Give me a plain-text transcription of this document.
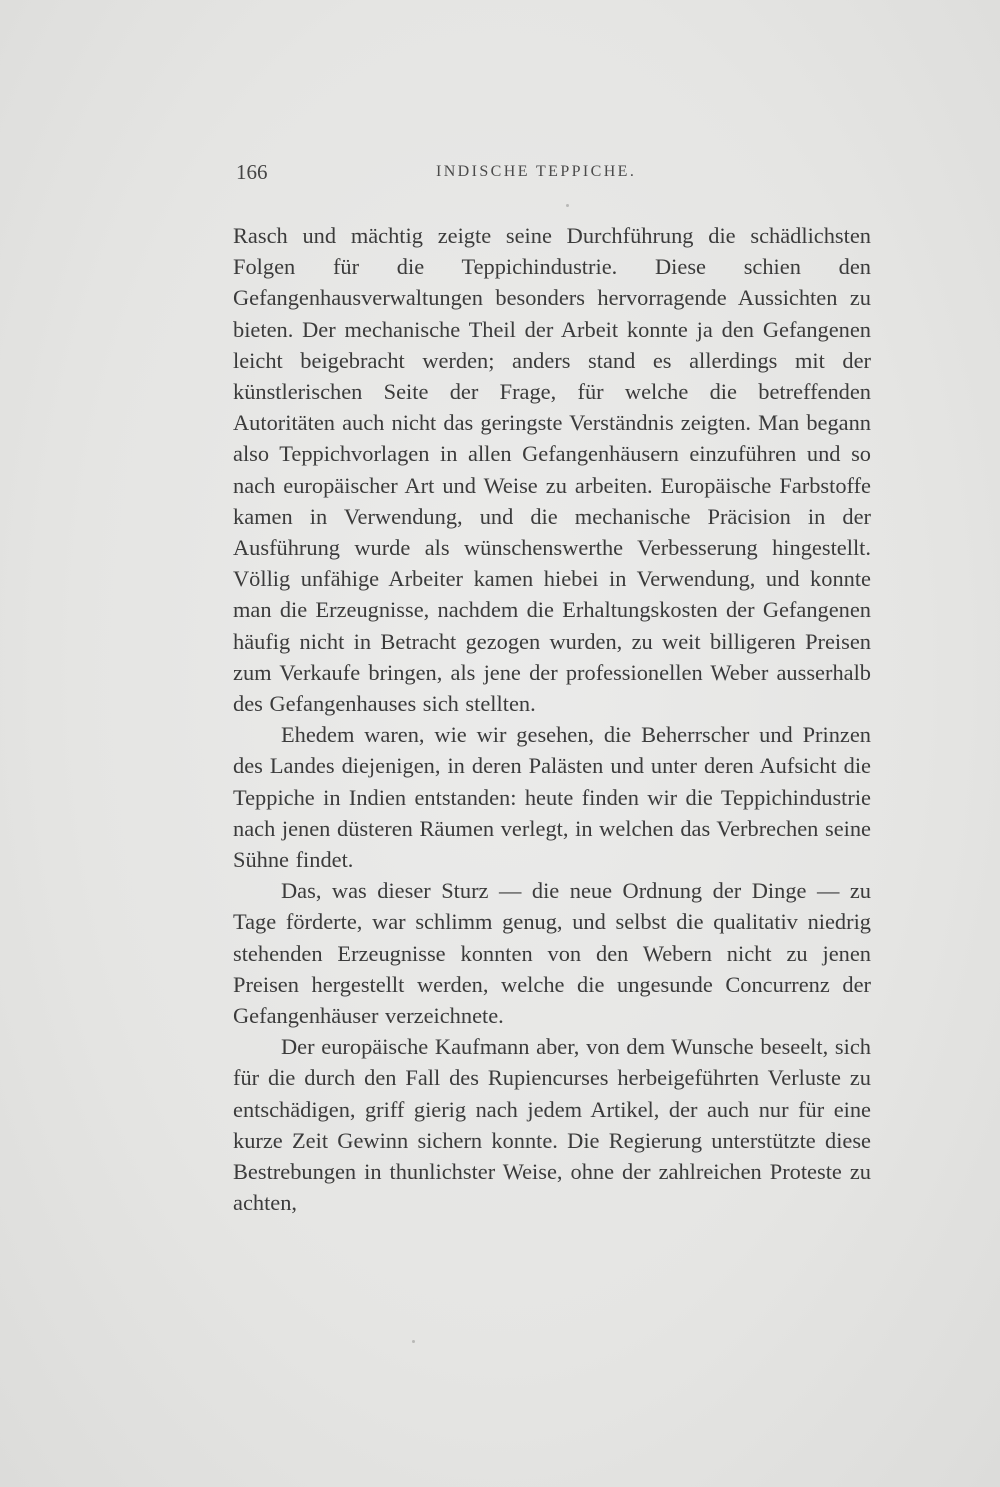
166	INDISCHE TEPPICHE.

Rasch und mächtig zeigte seine Durchführung die schädlichsten Folgen für die Teppichindustrie. Diese schien den Gefangenhausverwaltungen besonders hervorragende Aussichten zu bieten. Der mechanische Theil der Arbeit konnte ja den Gefangenen leicht beigebracht werden; anders stand es allerdings mit der künstlerischen Seite der Frage, für welche die betreffenden Autoritäten auch nicht das geringste Verständnis zeigten. Man begann also Teppichvorlagen in allen Gefangenhäusern einzuführen und so nach europäischer Art und Weise zu arbeiten. Europäische Farbstoffe kamen in Verwendung, und die mechanische Präcision in der Ausführung wurde als wünschenswerthe Verbesserung hingestellt. Völlig unfähige Arbeiter kamen hiebei in Verwendung, und konnte man die Erzeugnisse, nachdem die Erhaltungskosten der Gefangenen häufig nicht in Betracht gezogen wurden, zu weit billigeren Preisen zum Verkaufe bringen, als jene der professionellen Weber ausserhalb des Gefangenhauses sich stellten.

Ehedem waren, wie wir gesehen, die Beherrscher und Prinzen des Landes diejenigen, in deren Palästen und unter deren Aufsicht die Teppiche in Indien entstanden: heute finden wir die Teppichindustrie nach jenen düsteren Räumen verlegt, in welchen das Verbrechen seine Sühne findet.

Das, was dieser Sturz — die neue Ordnung der Dinge — zu Tage förderte, war schlimm genug, und selbst die qualitativ niedrig stehenden Erzeugnisse konnten von den Webern nicht zu jenen Preisen hergestellt werden, welche die ungesunde Concurrenz der Gefangenhäuser verzeichnete.

Der europäische Kaufmann aber, von dem Wunsche beseelt, sich für die durch den Fall des Rupiencurses herbeigeführten Verluste zu entschädigen, griff gierig nach jedem Artikel, der auch nur für eine kurze Zeit Gewinn sichern konnte. Die Regierung unterstützte diese Bestrebungen in thunlichster Weise, ohne der zahlreichen Proteste zu achten,
